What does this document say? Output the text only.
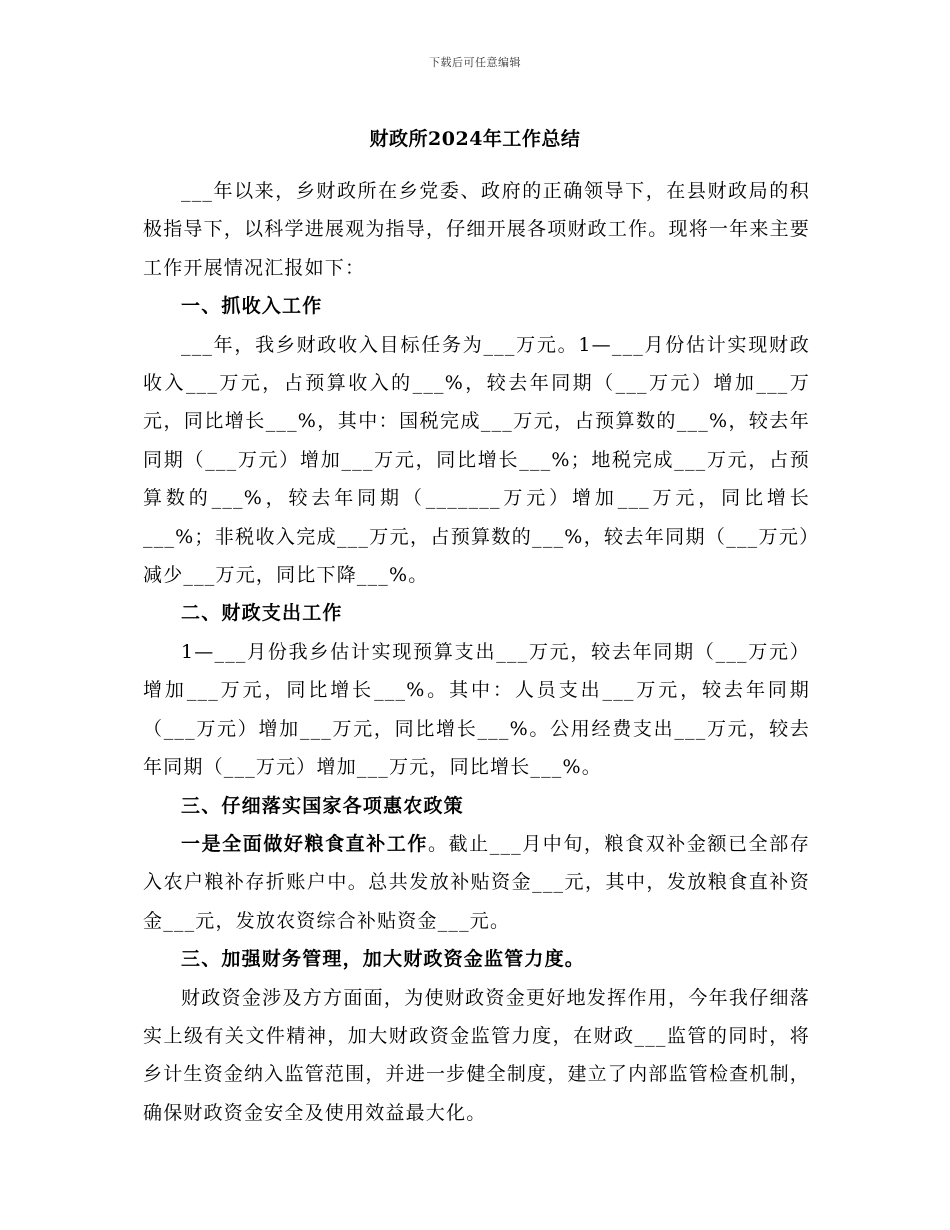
下载后可任意编辑
财政所2024年工作总结

___年以来，乡财政所在乡党委、政府的正确领导下，在县财政局的积极指导下，以科学进展观为指导，仔细开展各项财政工作。现将一年来主要工作开展情况汇报如下：

一、抓收入工作

___年，我乡财政收入目标任务为___万元。1—___月份估计实现财政收入___万元，占预算收入的___%，较去年同期（___万元）增加___万元，同比增长___%，其中：国税完成___万元，占预算数的___%，较去年同期（___万元）增加___万元，同比增长___%；地税完成___万元，占预算数的___%，较去年同期（_______万元）增加___万元，同比增长___%；非税收入完成___万元，占预算数的___%，较去年同期（___万元）减少___万元，同比下降___%。

二、财政支出工作

1—___月份我乡估计实现预算支出___万元，较去年同期（___万元）增加___万元，同比增长___%。其中：人员支出___万元，较去年同期（___万元）增加___万元，同比增长___%。公用经费支出___万元，较去年同期（___万元）增加___万元，同比增长___%。

三、仔细落实国家各项惠农政策

一是全面做好粮食直补工作。截止___月中旬，粮食双补金额已全部存入农户粮补存折账户中。总共发放补贴资金___元，其中，发放粮食直补资金___元，发放农资综合补贴资金___元。

三、加强财务管理，加大财政资金监管力度。

财政资金涉及方方面面，为使财政资金更好地发挥作用，今年我仔细落实上级有关文件精神，加大财政资金监管力度，在财政___监管的同时，将乡计生资金纳入监管范围，并进一步健全制度，建立了内部监管检查机制，确保财政资金安全及使用效益最大化。
